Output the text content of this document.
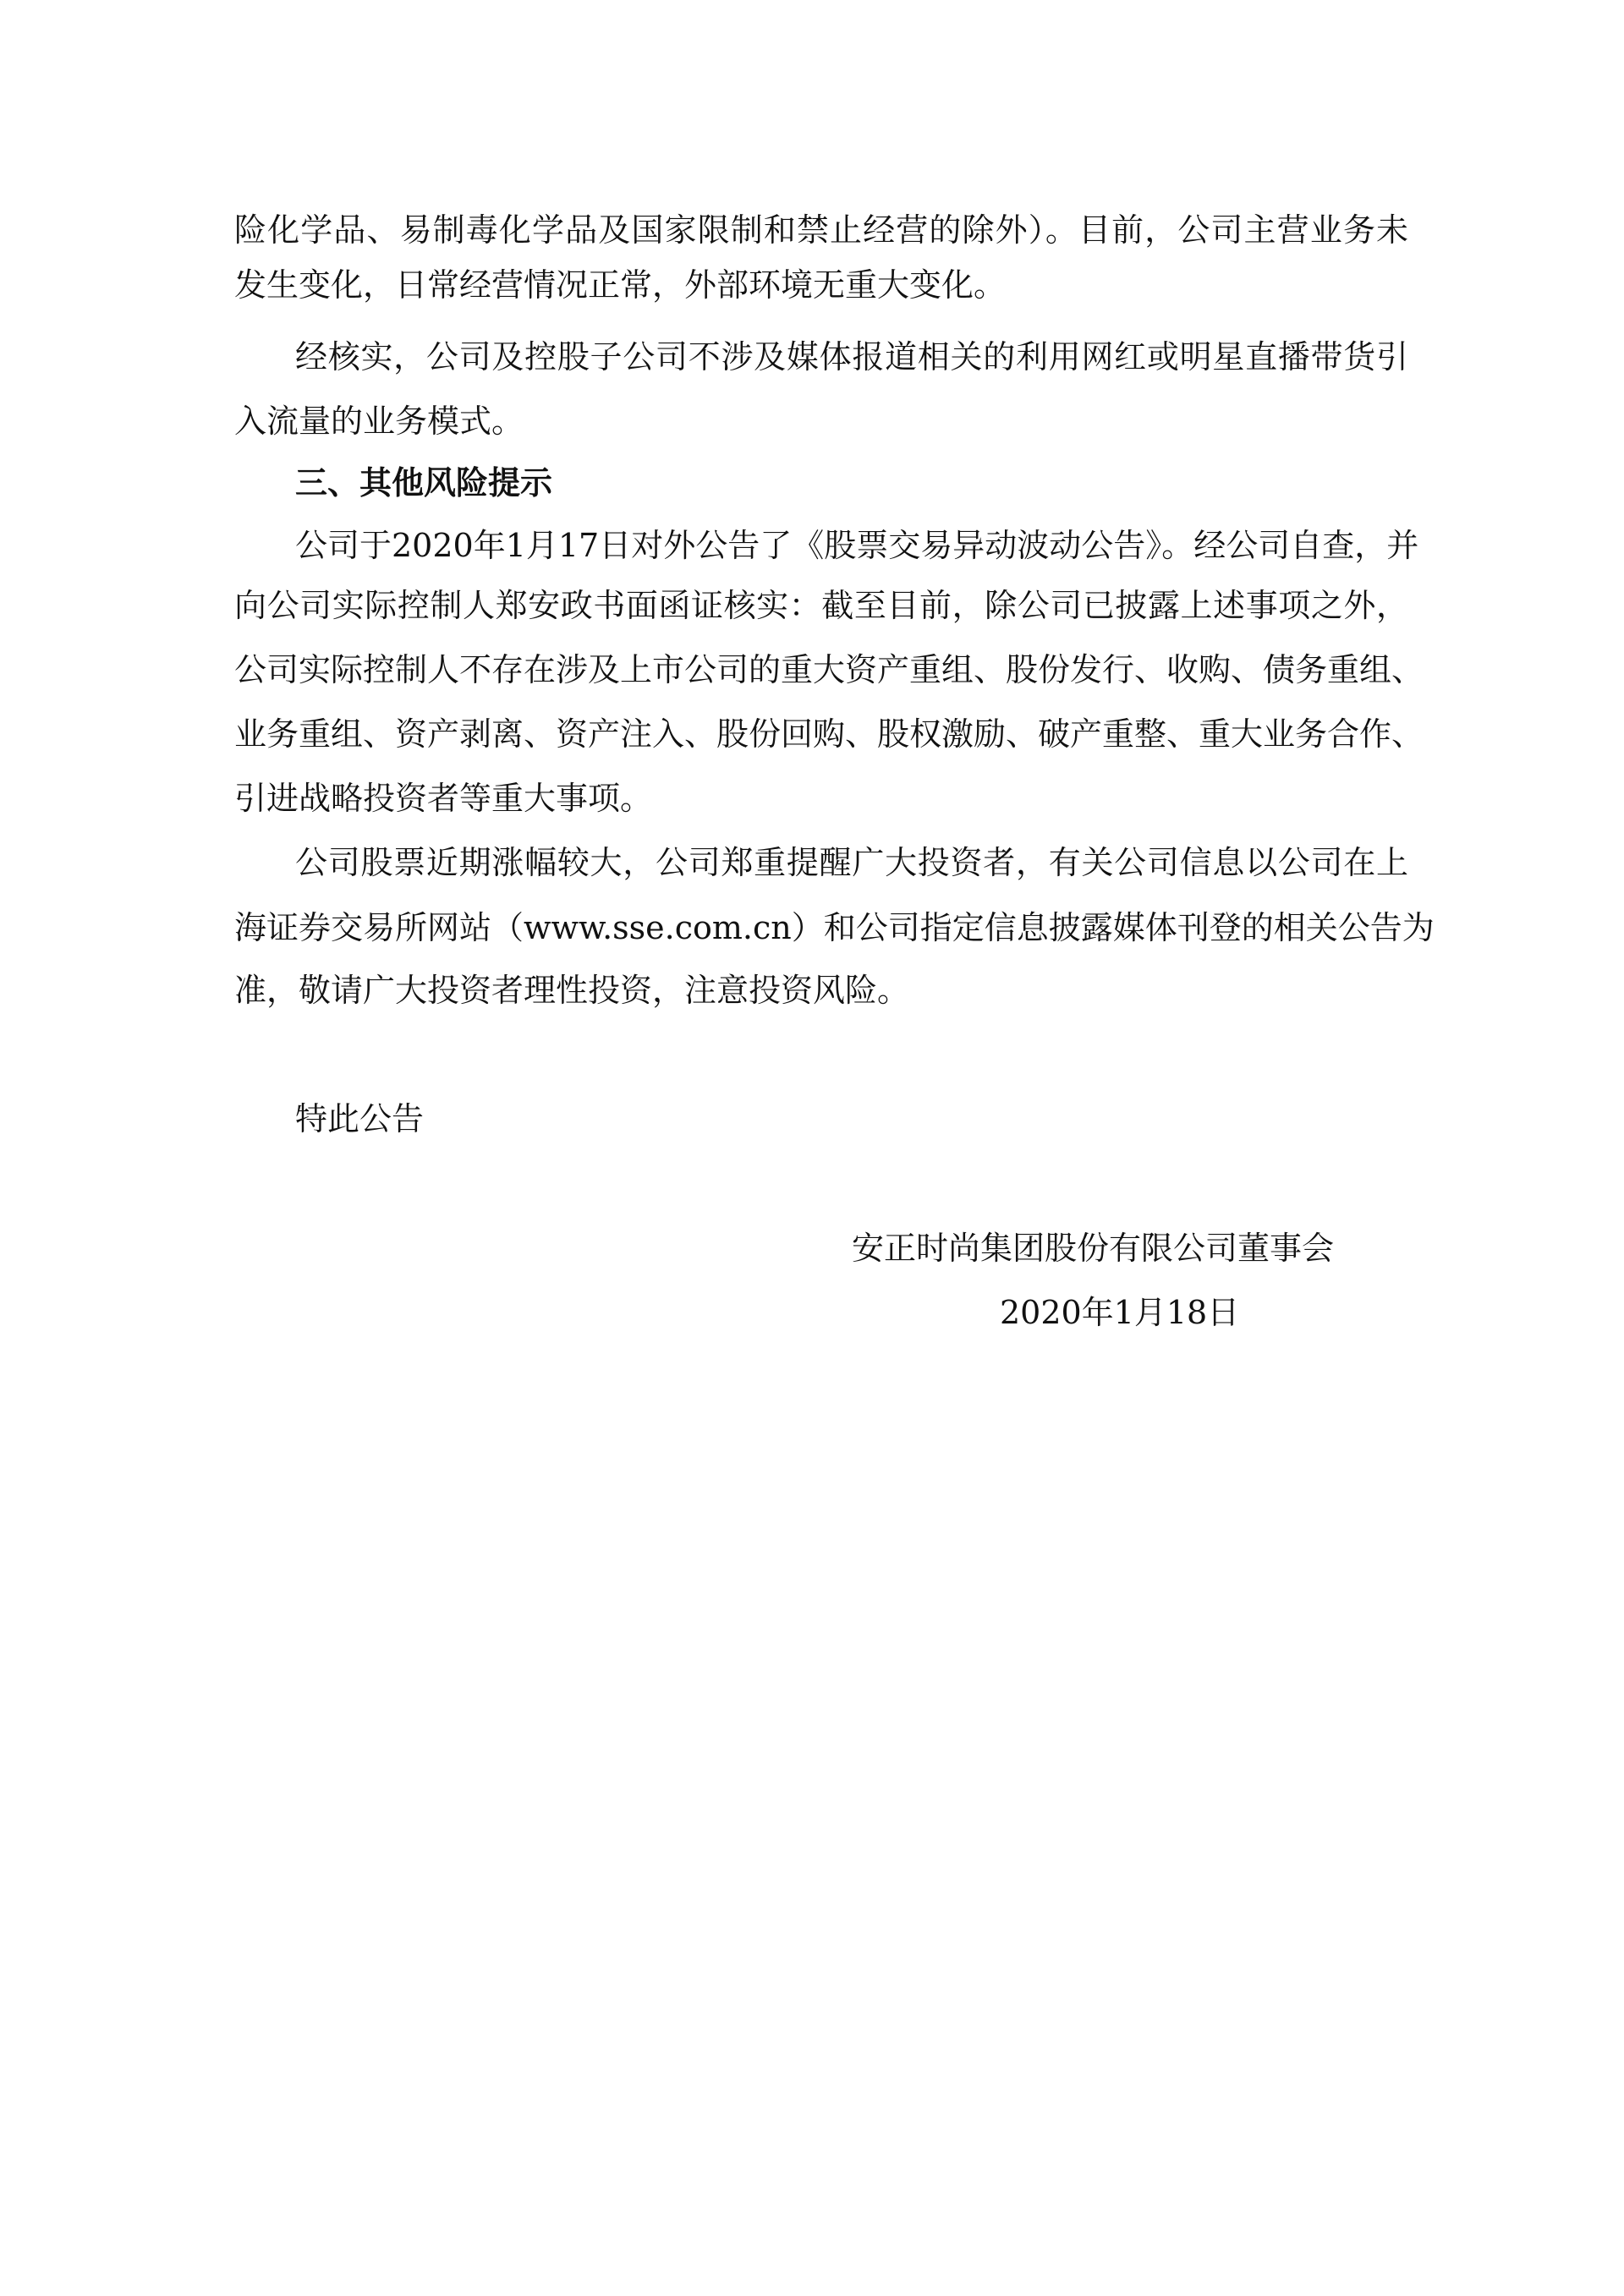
险化学品、易制毒化学品及国家限制和禁止经营的除外）。目前，公司主营业务未
发生变化，日常经营情况正常，外部环境无重大变化。
经核实，公司及控股子公司不涉及媒体报道相关的利用网红或明星直播带货引
入流量的业务模式。
三、其他风险提示
公司于2020年1月17日对外公告了《股票交易异动波动公告》。经公司自查，并
向公司实际控制人郑安政书面函证核实：截至目前，除公司已披露上述事项之外，
公司实际控制人不存在涉及上市公司的重大资产重组、股份发行、收购、债务重组、
业务重组、资产剥离、资产注入、股份回购、股权激励、破产重整、重大业务合作、
引进战略投资者等重大事项。
公司股票近期涨幅较大，公司郑重提醒广大投资者，有关公司信息以公司在上
海证券交易所网站（www.sse.com.cn）和公司指定信息披露媒体刊登的相关公告为
准，敬请广大投资者理性投资，注意投资风险。
特此公告
安正时尚集团股份有限公司董事会
2020年1月18日
